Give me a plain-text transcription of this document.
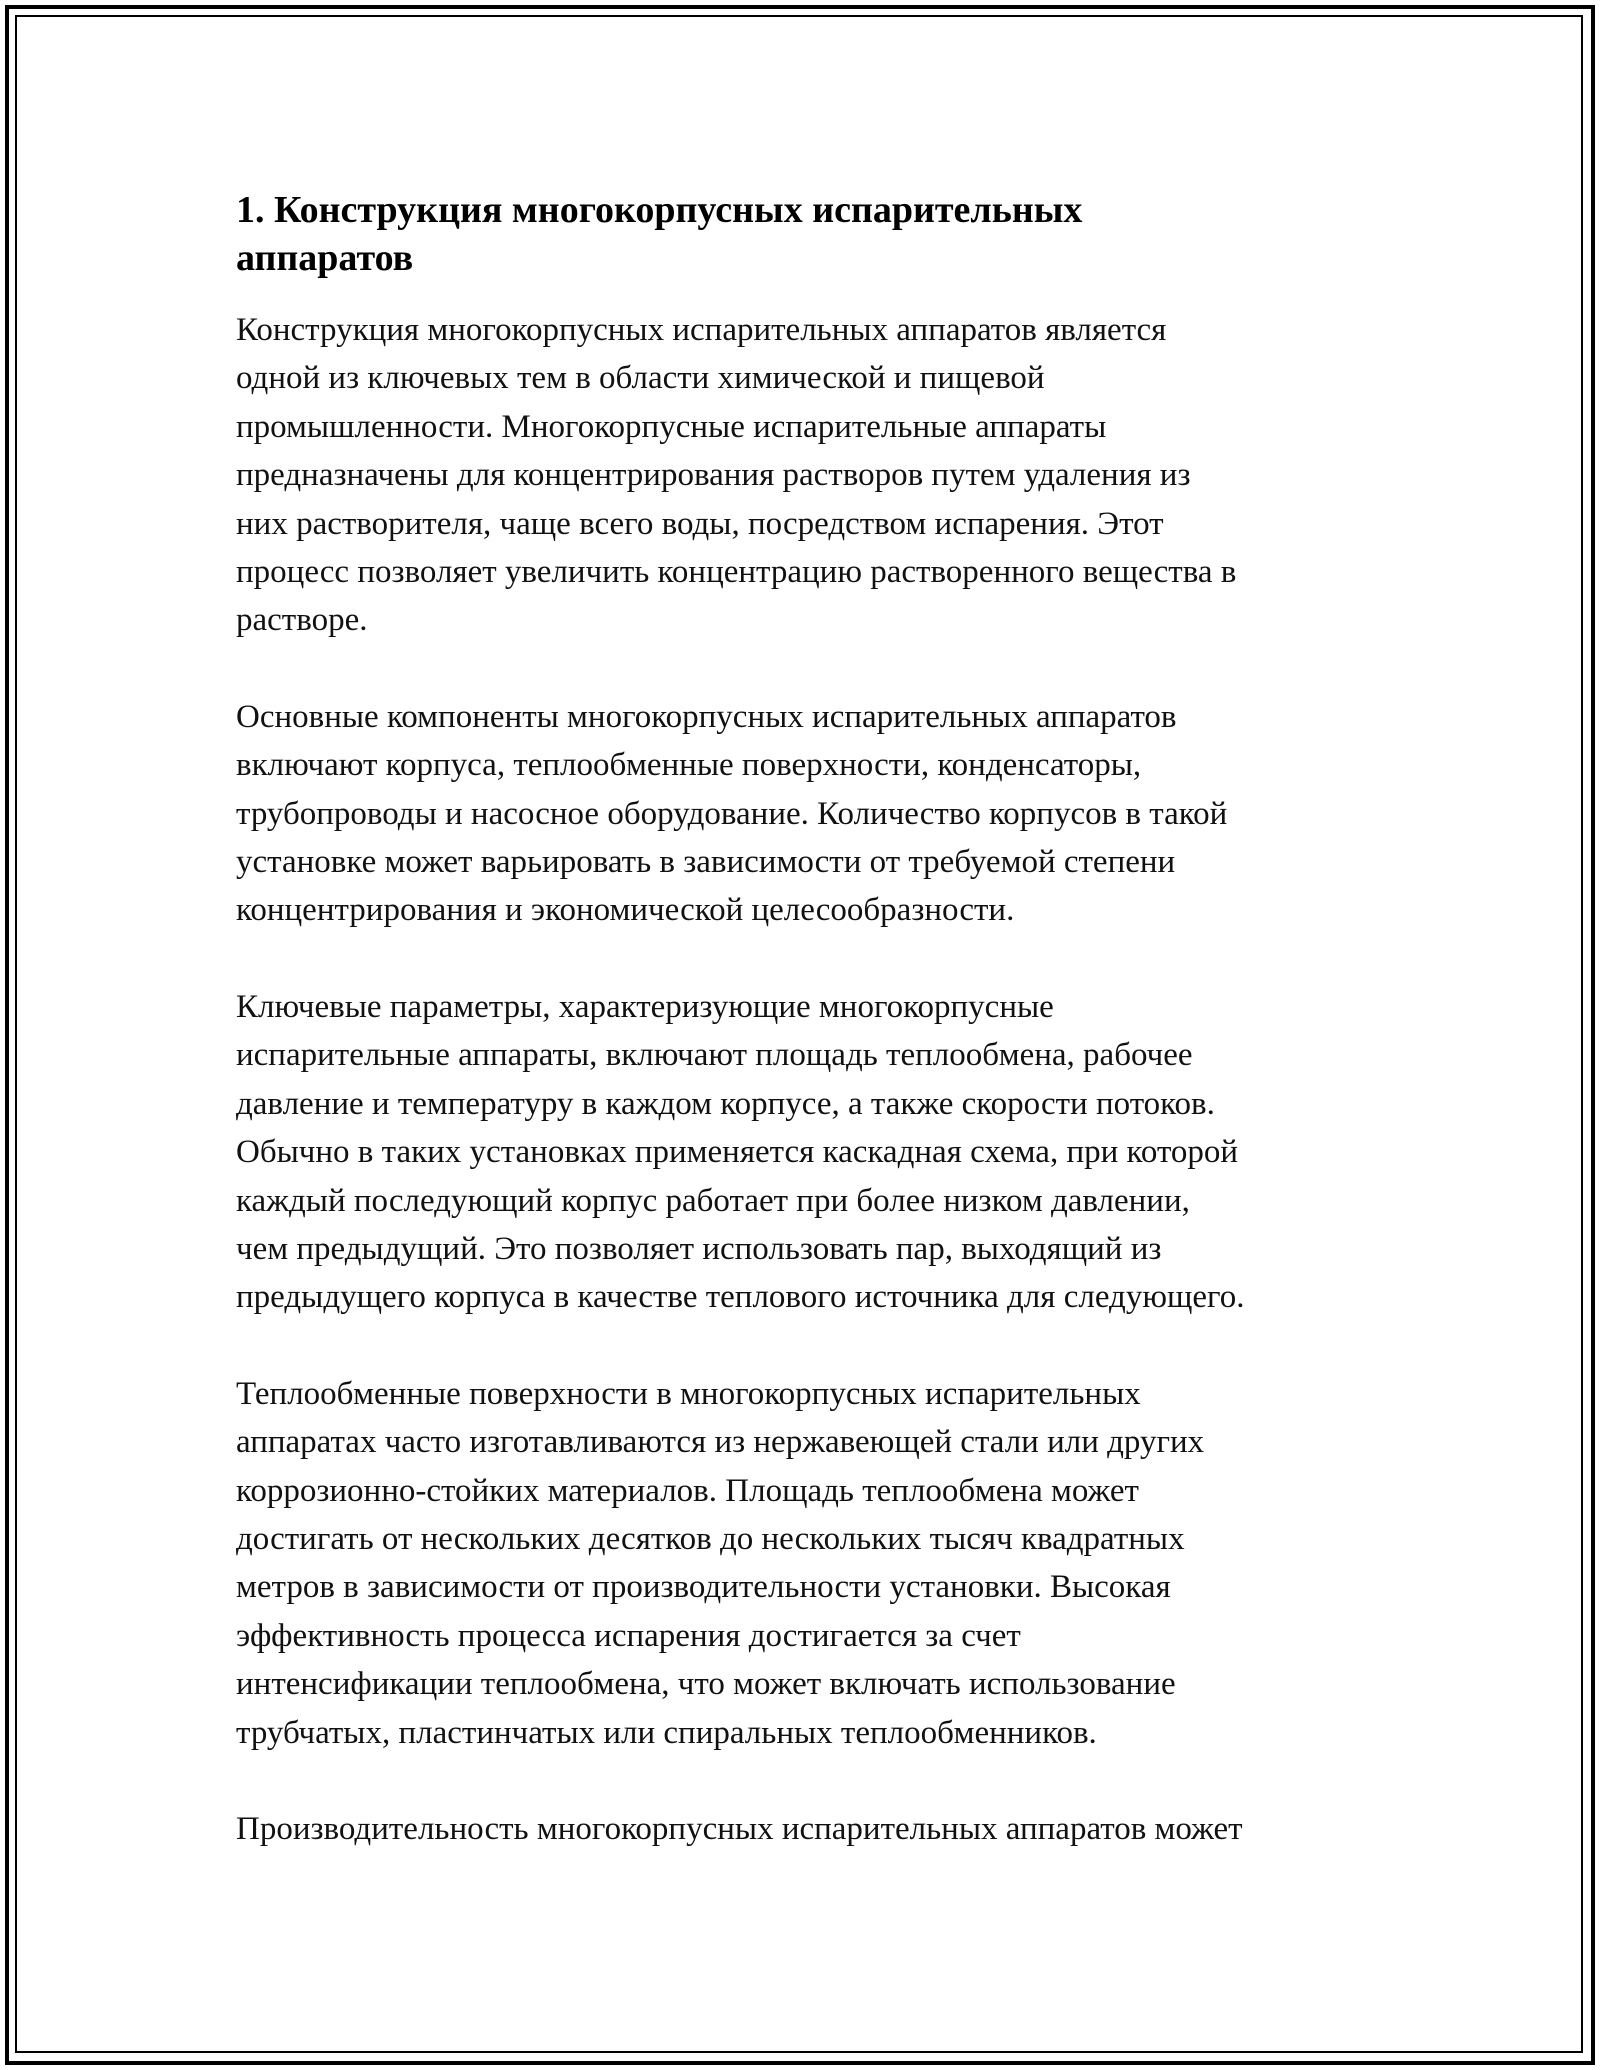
1. Конструкция многокорпусных испарительных
аппаратов

Конструкция многокорпусных испарительных аппаратов является
одной из ключевых тем в области химической и пищевой
промышленности. Многокорпусные испарительные аппараты
предназначены для концентрирования растворов путем удаления из
них растворителя, чаще всего воды, посредством испарения. Этот
процесс позволяет увеличить концентрацию растворенного вещества в
растворе.

Основные компоненты многокорпусных испарительных аппаратов
включают корпуса, теплообменные поверхности, конденсаторы,
трубопроводы и насосное оборудование. Количество корпусов в такой
установке может варьировать в зависимости от требуемой степени
концентрирования и экономической целесообразности.

Ключевые параметры, характеризующие многокорпусные
испарительные аппараты, включают площадь теплообмена, рабочее
давление и температуру в каждом корпусе, а также скорости потоков.
Обычно в таких установках применяется каскадная схема, при которой
каждый последующий корпус работает при более низком давлении,
чем предыдущий. Это позволяет использовать пар, выходящий из
предыдущего корпуса в качестве теплового источника для следующего.

Теплообменные поверхности в многокорпусных испарительных
аппаратах часто изготавливаются из нержавеющей стали или других
коррозионно-стойких материалов. Площадь теплообмена может
достигать от нескольких десятков до нескольких тысяч квадратных
метров в зависимости от производительности установки. Высокая
эффективность процесса испарения достигается за счет
интенсификации теплообмена, что может включать использование
трубчатых, пластинчатых или спиральных теплообменников.

Производительность многокорпусных испарительных аппаратов может
